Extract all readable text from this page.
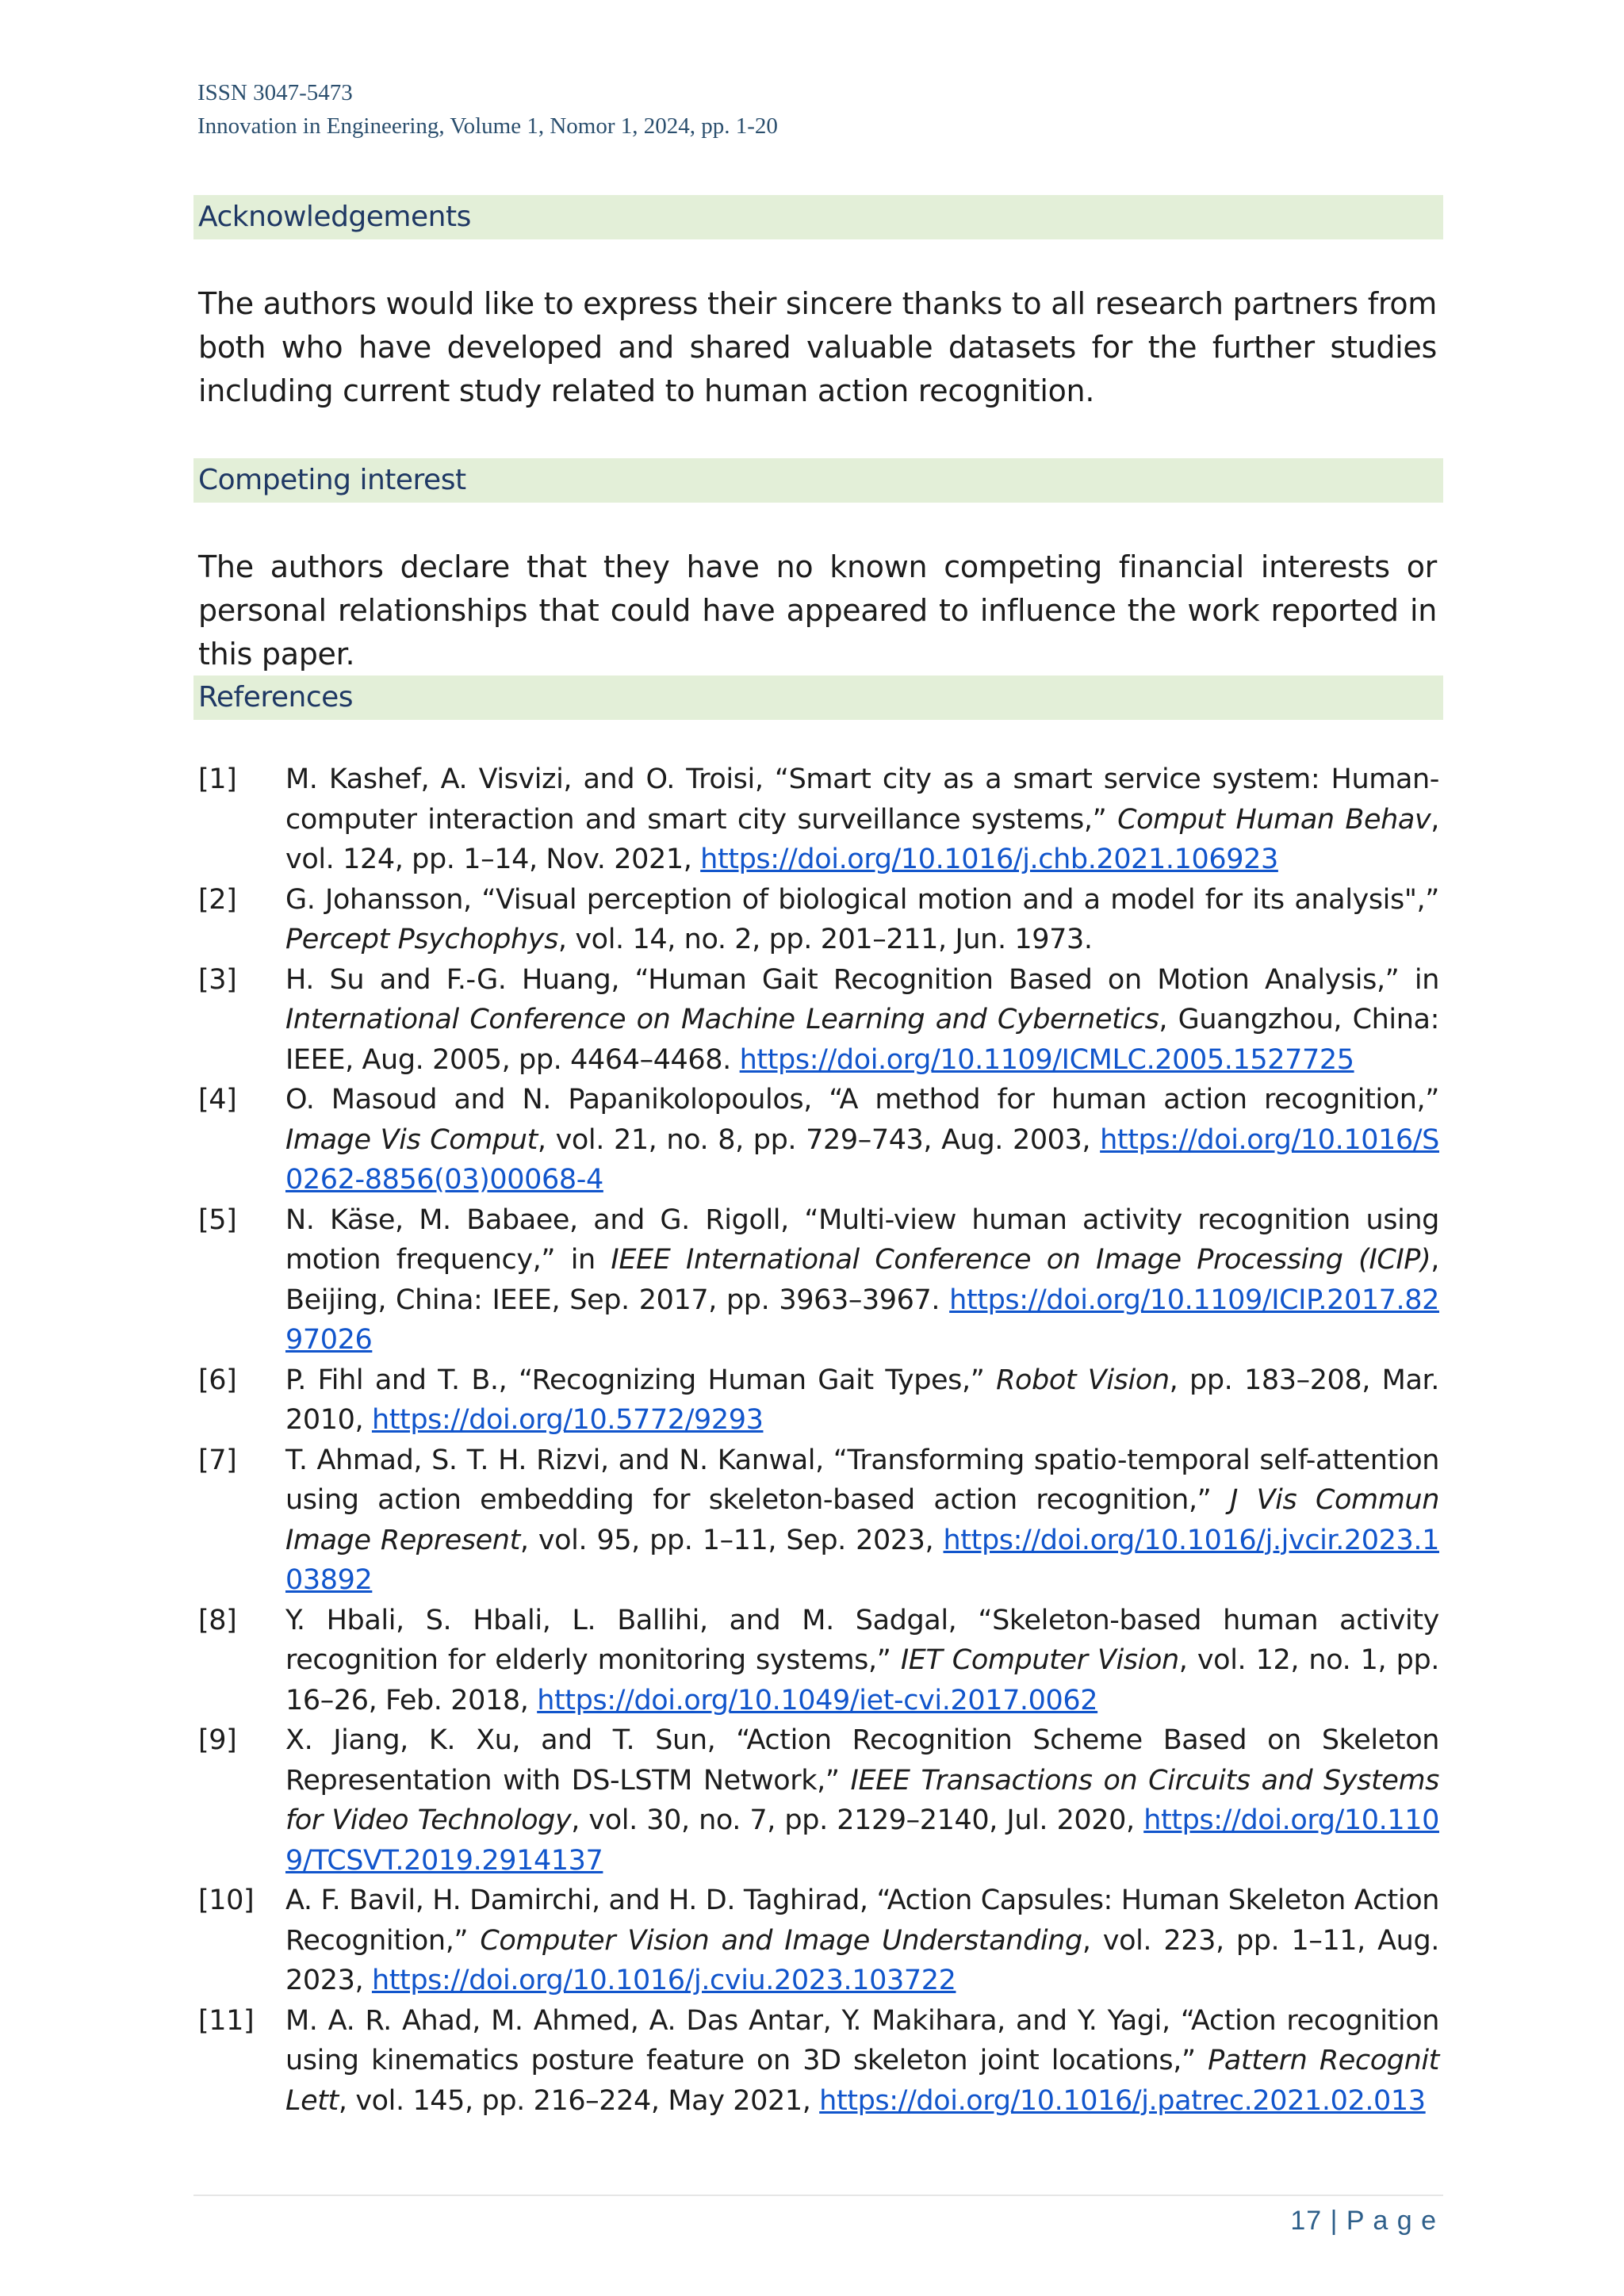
ISSN 3047-5473
Innovation in Engineering, Volume 1, Nomor 1, 2024, pp. 1-20
Acknowledgements
The authors would like to express their sincere thanks to all research partners from both who have developed and shared valuable datasets for the further studies including current study related to human action recognition.
Competing interest
The authors declare that they have no known competing financial interests or personal relationships that could have appeared to influence the work reported in this paper.
References
[1]	M. Kashef, A. Visvizi, and O. Troisi, “Smart city as a smart service system: Human-computer interaction and smart city surveillance systems,” Comput Human Behav, vol. 124, pp. 1–14, Nov. 2021, https://doi.org/10.1016/j.chb.2021.106923
[2]	G. Johansson, “Visual perception of biological motion and a model for its analysis",” Percept Psychophys, vol. 14, no. 2, pp. 201–211, Jun. 1973.
[3]	H. Su and F.-G. Huang, “Human Gait Recognition Based on Motion Analysis,” in International Conference on Machine Learning and Cybernetics, Guangzhou, China: IEEE, Aug. 2005, pp. 4464–4468. https://doi.org/10.1109/ICMLC.2005.1527725
[4]	O. Masoud and N. Papanikolopoulos, “A method for human action recognition,” Image Vis Comput, vol. 21, no. 8, pp. 729–743, Aug. 2003, https://doi.org/10.1016/S0262-8856(03)00068-4
[5]	N. Käse, M. Babaee, and G. Rigoll, “Multi-view human activity recognition using motion frequency,” in IEEE International Conference on Image Processing (ICIP), Beijing, China: IEEE, Sep. 2017, pp. 3963–3967. https://doi.org/10.1109/ICIP.2017.8297026
[6]	P. Fihl and T. B., “Recognizing Human Gait Types,” Robot Vision, pp. 183–208, Mar. 2010, https://doi.org/10.5772/9293
[7]	T. Ahmad, S. T. H. Rizvi, and N. Kanwal, “Transforming spatio-temporal self-attention using action embedding for skeleton-based action recognition,” J Vis Commun Image Represent, vol. 95, pp. 1–11, Sep. 2023, https://doi.org/10.1016/j.jvcir.2023.103892
[8]	Y. Hbali, S. Hbali, L. Ballihi, and M. Sadgal, “Skeleton-based human activity recognition for elderly monitoring systems,” IET Computer Vision, vol. 12, no. 1, pp. 16–26, Feb. 2018, https://doi.org/10.1049/iet-cvi.2017.0062
[9]	X. Jiang, K. Xu, and T. Sun, “Action Recognition Scheme Based on Skeleton Representation with DS-LSTM Network,” IEEE Transactions on Circuits and Systems for Video Technology, vol. 30, no. 7, pp. 2129–2140, Jul. 2020, https://doi.org/10.1109/TCSVT.2019.2914137
[10]	A. F. Bavil, H. Damirchi, and H. D. Taghirad, “Action Capsules: Human Skeleton Action Recognition,” Computer Vision and Image Understanding, vol. 223, pp. 1–11, Aug. 2023, https://doi.org/10.1016/j.cviu.2023.103722
[11]	M. A. R. Ahad, M. Ahmed, A. Das Antar, Y. Makihara, and Y. Yagi, “Action recognition using kinematics posture feature on 3D skeleton joint locations,” Pattern Recognit Lett, vol. 145, pp. 216–224, May 2021, https://doi.org/10.1016/j.patrec.2021.02.013
17 | P a g e
